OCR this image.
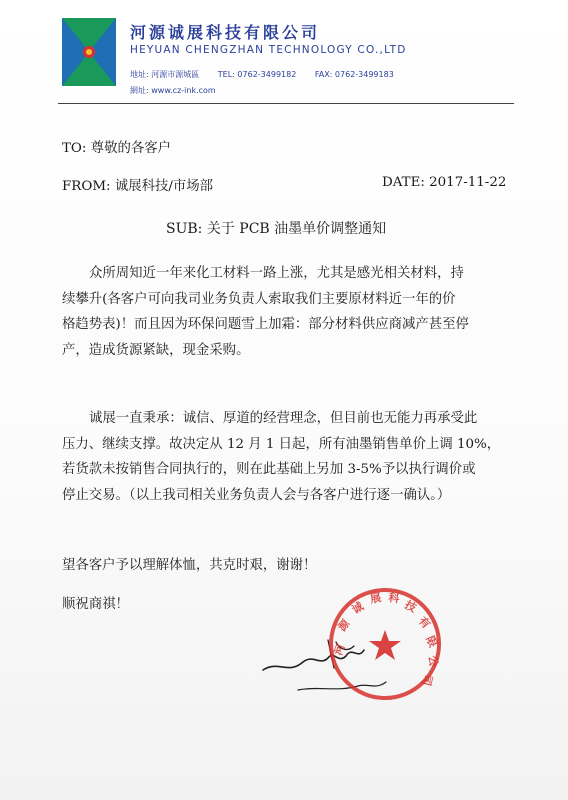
河源诚展科技有限公司
HEYUAN CHENGZHAN TECHNOLOGY CO.,LTD
地址: 河源市源城區 TEL: 0762-3499182 FAX: 0762-3499183
網址: www.cz-ink.com
TO: 尊敬的各客户
FROM: 诚展科技/市场部	DATE: 2017-11-22
SUB: 关于 PCB 油墨单价调整通知
众所周知近一年来化工材料一路上涨，尤其是感光相关材料，持
续攀升(各客户可向我司业务负责人索取我们主要原材料近一年的价
格趋势表)！而且因为环保问题雪上加霜：部分材料供应商减产甚至停
产，造成货源紧缺，现金采购。
诚展一直秉承：诚信、厚道的经营理念，但目前也无能力再承受此
压力、继续支撑。故决定从 12 月 1 日起，所有油墨销售单价上调 10%，
若货款未按销售合同执行的，则在此基础上另加 3-5%予以执行调价或
停止交易。（以上我司相关业务负责人会与各客户进行逐一确认。）
望各客户予以理解体恤，共克时艰，谢谢！
顺祝商祺！
河
源
诚
展 科 技
有
限
公
司
